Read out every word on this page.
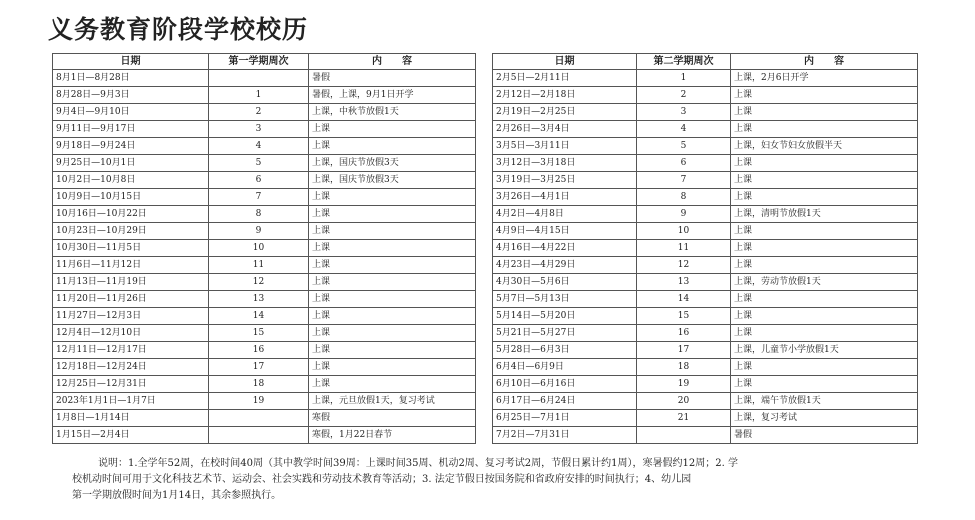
义务教育阶段学校校历
日期	第一学期周次	内　　容
8月1日—8月28日		暑假
8月28日—9月3日	1	暑假，上课，9月1日开学
9月4日—9月10日	2	上课，中秋节放假1天
9月11日—9月17日	3	上课
9月18日—9月24日	4	上课
9月25日—10月1日	5	上课，国庆节放假3天
10月2日—10月8日	6	上课，国庆节放假3天
10月9日—10月15日	7	上课
10月16日—10月22日	8	上课
10月23日—10月29日	9	上课
10月30日—11月5日	10	上课
11月6日—11月12日	11	上课
11月13日—11月19日	12	上课
11月20日—11月26日	13	上课
11月27日—12月3日	14	上课
12月4日—12月10日	15	上课
12月11日—12月17日	16	上课
12月18日—12月24日	17	上课
12月25日—12月31日	18	上课
2023年1月1日—1月7日	19	上课，元旦放假1天，复习考试
1月8日—1月14日		寒假
1月15日—2月4日		寒假，1月22日春节
日期	第二学期周次	内　　容
2月5日—2月11日	1	上课，2月6日开学
2月12日—2月18日	2	上课
2月19日—2月25日	3	上课
2月26日—3月4日	4	上课
3月5日—3月11日	5	上课，妇女节妇女放假半天
3月12日—3月18日	6	上课
3月19日—3月25日	7	上课
3月26日—4月1日	8	上课
4月2日—4月8日	9	上课，清明节放假1天
4月9日—4月15日	10	上课
4月16日—4月22日	11	上课
4月23日—4月29日	12	上课
4月30日—5月6日	13	上课，劳动节放假1天
5月7日—5月13日	14	上课
5月14日—5月20日	15	上课
5月21日—5月27日	16	上课
5月28日—6月3日	17	上课，儿童节小学放假1天
6月4日—6月9日	18	上课
6月10日—6月16日	19	上课
6月17日—6月24日	20	上课，端午节放假1天
6月25日—7月1日	21	上课，复习考试
7月2日—7月31日		暑假
说明：1.全学年52周，在校时间40周（其中教学时间39周：上课时间35周、机动2周、复习考试2周，节假日累计约1周），寒暑假约12周；2. 学
校机动时间可用于文化科技艺术节、运动会、社会实践和劳动技术教育等活动；3. 法定节假日按国务院和省政府安排的时间执行；4、幼儿园
第一学期放假时间为1月14日，其余参照执行。
